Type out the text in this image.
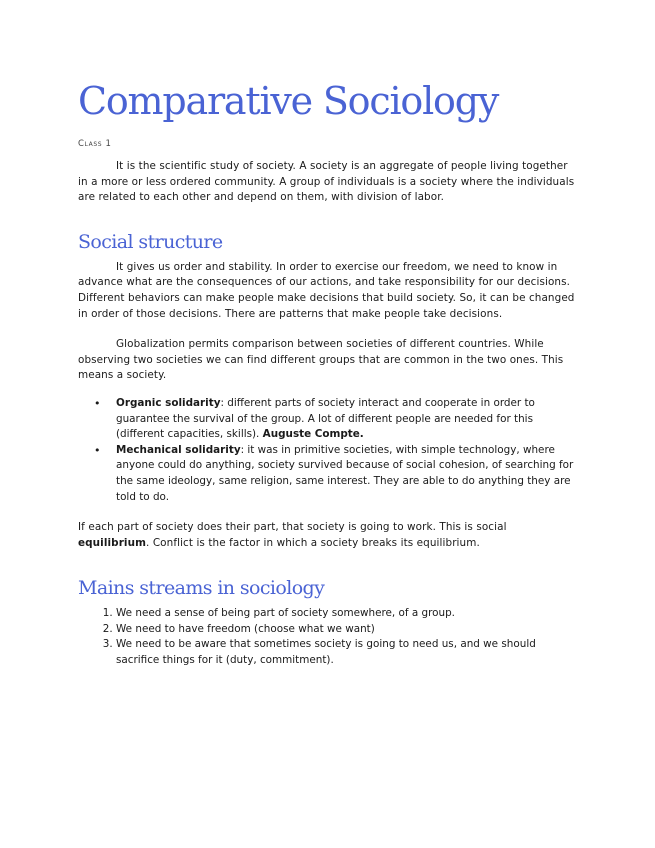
Comparative Sociology
Class 1

It is the scientific study of society. A society is an aggregate of people living together in a more or less ordered community. A group of individuals is a society where the individuals are related to each other and depend on them, with division of labor.

Social structure

It gives us order and stability. In order to exercise our freedom, we need to know in advance what are the consequences of our actions, and take responsibility for our decisions. Different behaviors can make people make decisions that build society. So, it can be changed in order of those decisions. There are patterns that make people take decisions.

Globalization permits comparison between societies of different countries. While observing two societies we can find different groups that are common in the two ones. This means a society.

• Organic solidarity: different parts of society interact and cooperate in order to guarantee the survival of the group. A lot of different people are needed for this (different capacities, skills). Auguste Compte.
• Mechanical solidarity: it was in primitive societies, with simple technology, where anyone could do anything, society survived because of social cohesion, of searching for the same ideology, same religion, same interest. They are able to do anything they are told to do.

If each part of society does their part, that society is going to work. This is social equilibrium. Conflict is the factor in which a society breaks its equilibrium.

Mains streams in sociology
1. We need a sense of being part of society somewhere, of a group.
2. We need to have freedom (choose what we want)
3. We need to be aware that sometimes society is going to need us, and we should sacrifice things for it (duty, commitment).
